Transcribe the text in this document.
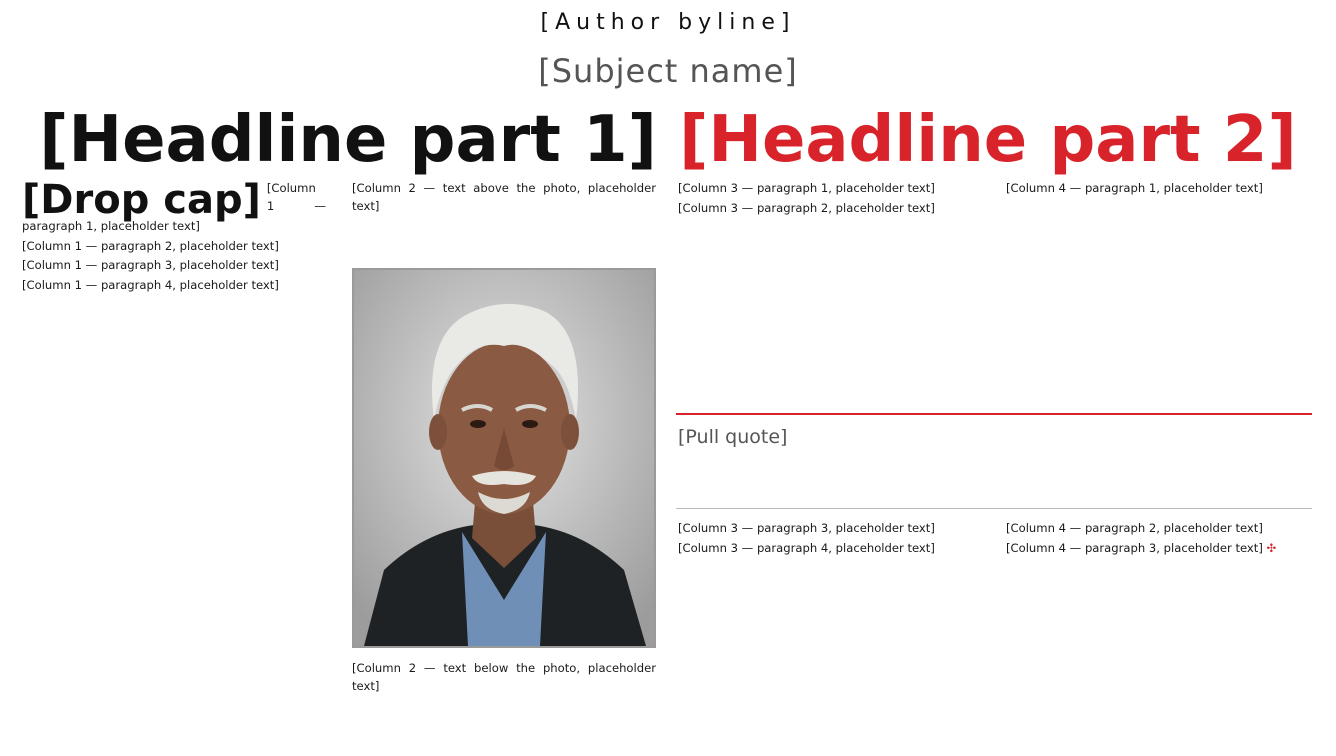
[Author byline]
[Subject name]
[Headline part 1] [Headline part 2]
[Drop cap] [Column 1 — paragraph 1, placeholder text]

[Column 1 — paragraph 2, placeholder text]

[Column 1 — paragraph 3, placeholder text]

[Column 1 — paragraph 4, placeholder text]

[Column 2 — text above the photo, placeholder text]

[Column 2 — text below the photo, placeholder text]

[Column 3 — paragraph 1, placeholder text]

[Column 3 — paragraph 2, placeholder text]

[Column 4 — paragraph 1, placeholder text]

[Pull quote]

[Column 3 — paragraph 3, placeholder text]

[Column 3 — paragraph 4, placeholder text]

[Column 4 — paragraph 2, placeholder text]

[Column 4 — paragraph 3, placeholder text] ✣
